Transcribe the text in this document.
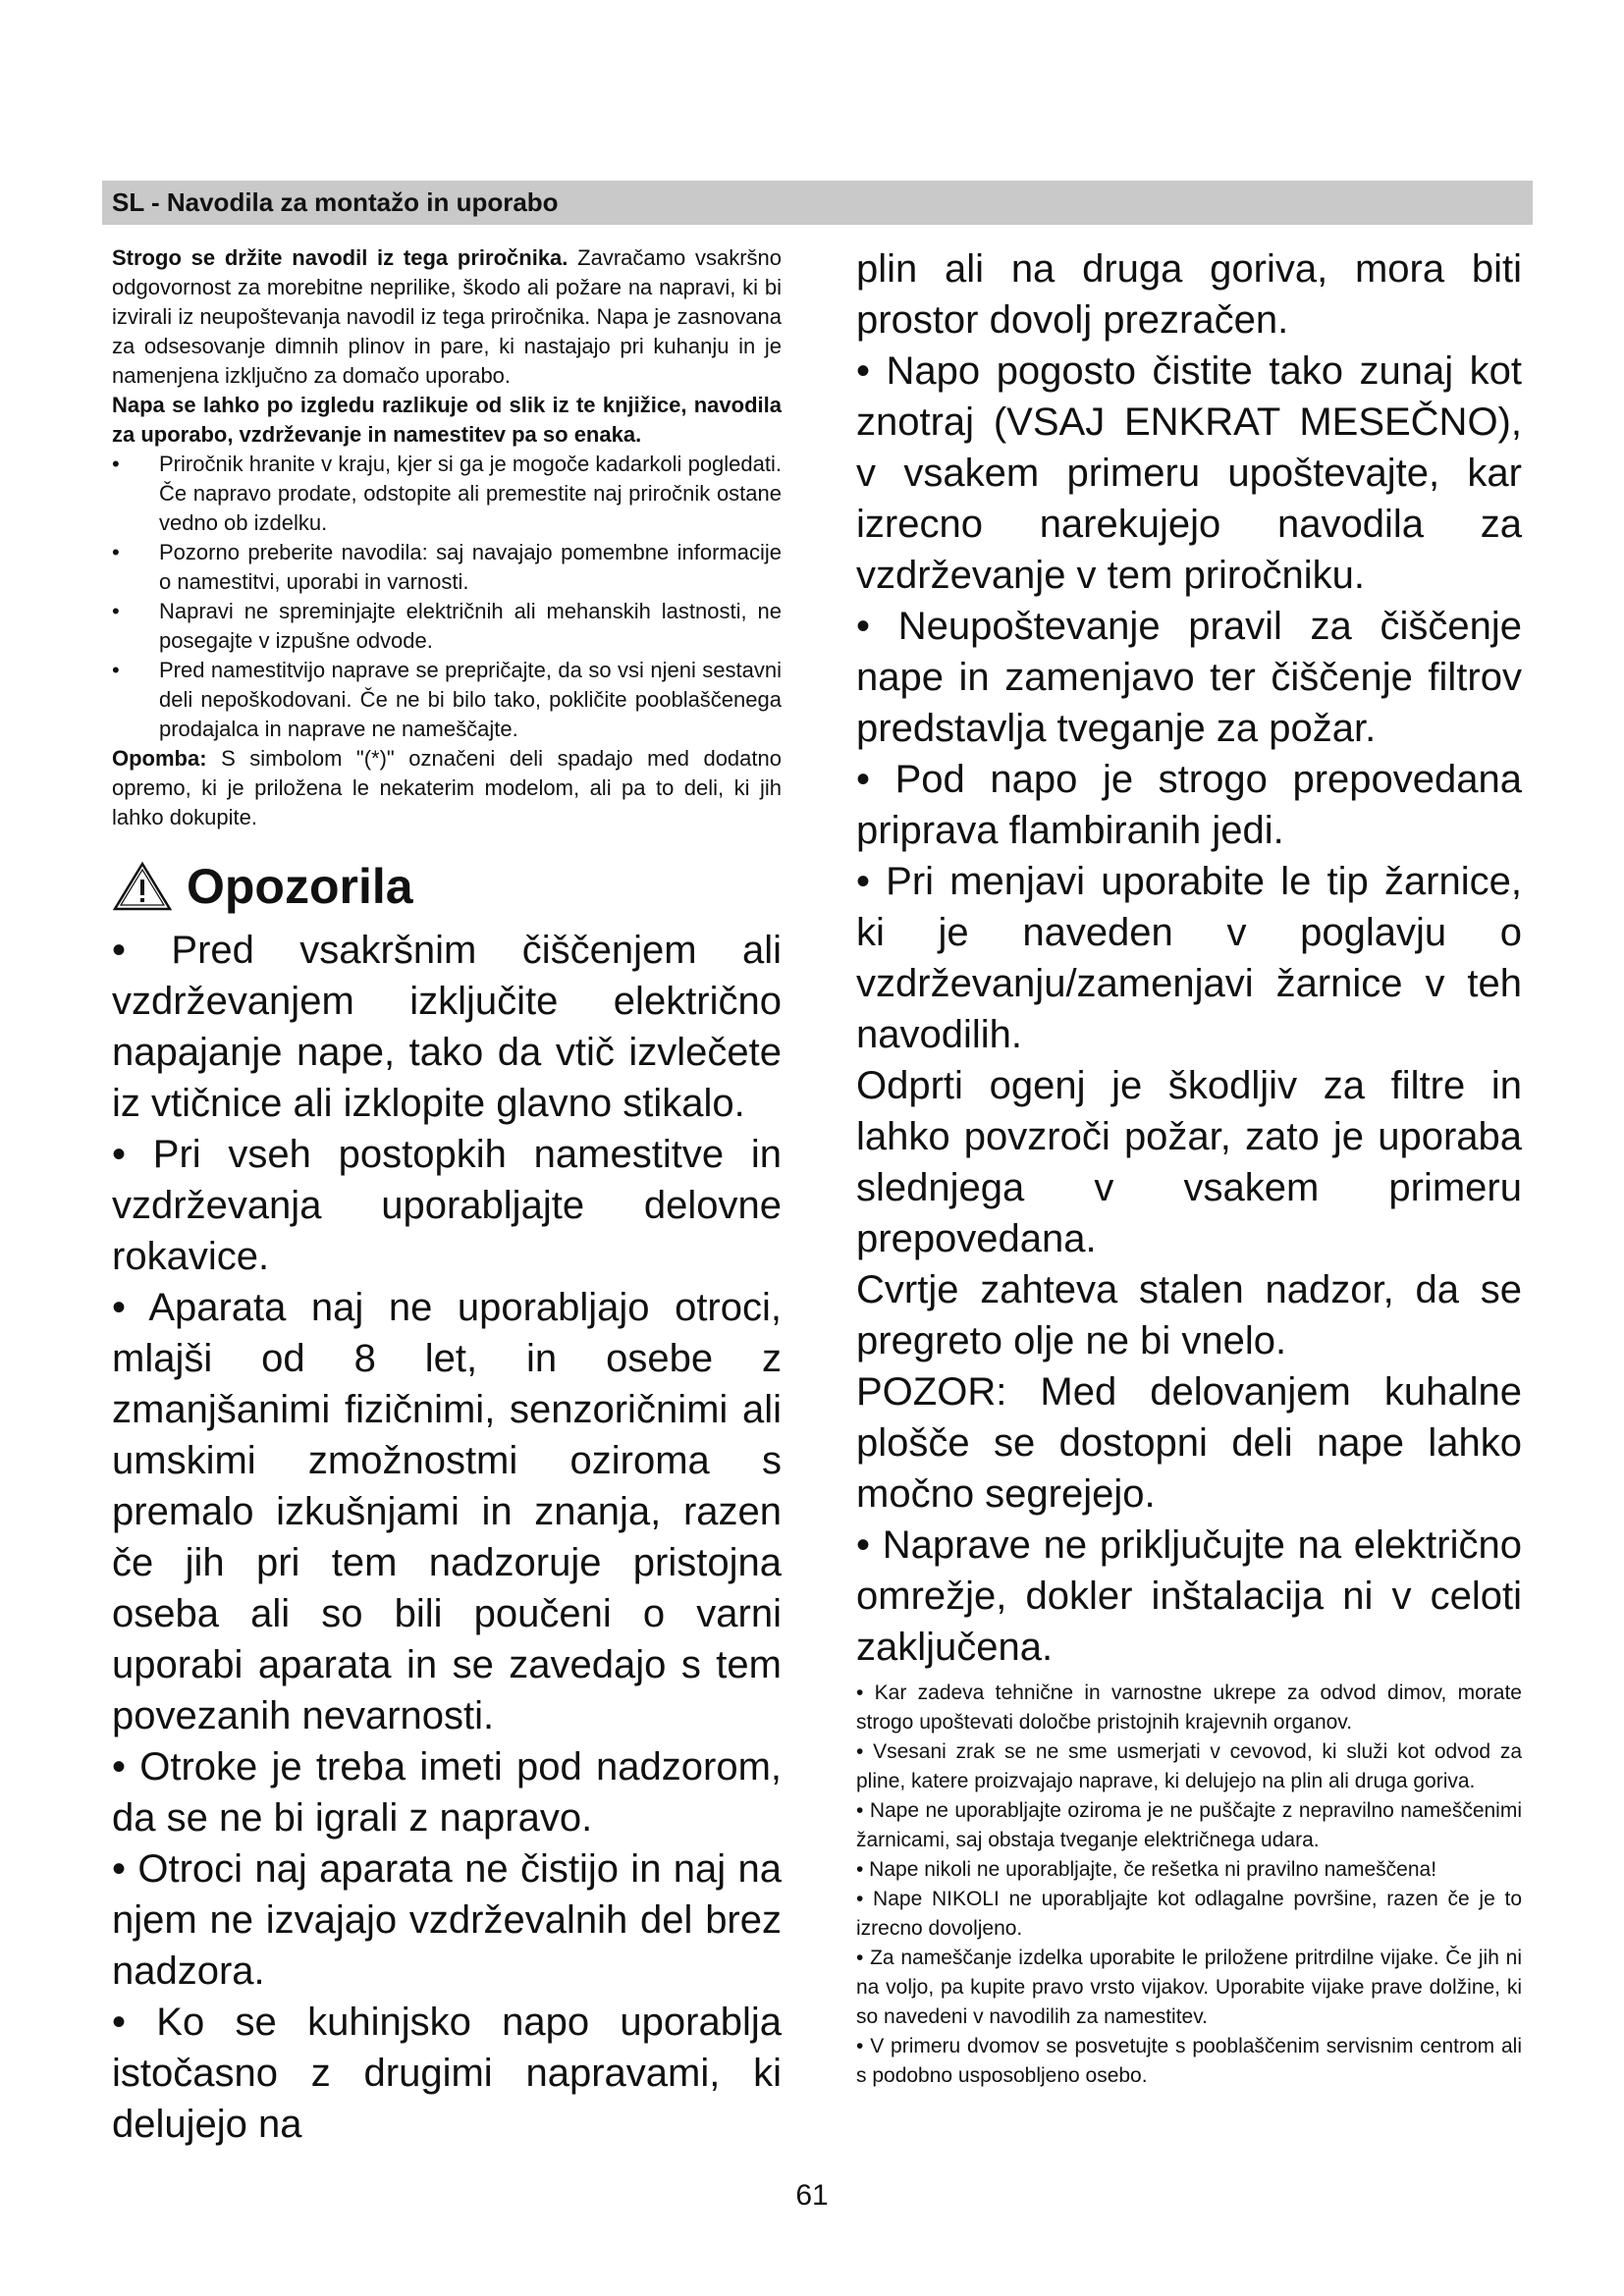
SL - Navodila za montažo in uporabo

Strogo se držite navodil iz tega priročnika. Zavračamo vsakršno odgovornost za morebitne neprilike, škodo ali požare na napravi, ki bi izvirali iz neupoštevanja navodil iz tega priročnika. Napa je zasnovana za odsesovanje dimnih plinov in pare, ki nastajajo pri kuhanju in je namenjena izključno za domačo uporabo.

Napa se lahko po izgledu razlikuje od slik iz te knjižice, navodila za uporabo, vzdrževanje in namestitev pa so enaka.

• Priročnik hranite v kraju, kjer si ga je mogoče kadarkoli pogledati. Če napravo prodate, odstopite ali premestite naj priročnik ostane vedno ob izdelku.
• Pozorno preberite navodila: saj navajajo pomembne informacije o namestitvi, uporabi in varnosti.
• Napravi ne spreminjajte električnih ali mehanskih lastnosti, ne posegajte v izpušne odvode.
• Pred namestitvijo naprave se prepričajte, da so vsi njeni sestavni deli nepoškodovani. Če ne bi bilo tako, pokličite pooblaščenega prodajalca in naprave ne nameščajte.

Opomba: S simbolom "(*)" označeni deli spadajo med dodatno opremo, ki je priložena le nekaterim modelom, ali pa to deli, ki jih lahko dokupite.

Opozorila

• Pred vsakršnim čiščenjem ali vzdrževanjem izključite električno napajanje nape, tako da vtič izvlečete iz vtičnice ali izklopite glavno stikalo.

• Pri vseh postopkih namestitve in vzdrževanja uporabljajte delovne rokavice.

• Aparata naj ne uporabljajo otroci, mlajši od 8 let, in osebe z zmanjšanimi fizičnimi, senzoričnimi ali umskimi zmožnostmi oziroma s premalo izkušnjami in znanja, razen če jih pri tem nadzoruje pristojna oseba ali so bili poučeni o varni uporabi aparata in se zavedajo s tem povezanih nevarnosti.

• Otroke je treba imeti pod nadzorom, da se ne bi igrali z napravo.

• Otroci naj aparata ne čistijo in naj na njem ne izvajajo vzdrževalnih del brez nadzora.

• Ko se kuhinjsko napo uporablja istočasno z drugimi napravami, ki delujejo na

plin ali na druga goriva, mora biti prostor dovolj prezračen.

• Napo pogosto čistite tako zunaj kot znotraj (VSAJ ENKRAT MESEČNO), v vsakem primeru upoštevajte, kar izrecno narekujejo navodila za vzdrževanje v tem priročniku.

• Neupoštevanje pravil za čiščenje nape in zamenjavo ter čiščenje filtrov predstavlja tveganje za požar.

• Pod napo je strogo prepovedana priprava flambiranih jedi.

• Pri menjavi uporabite le tip žarnice, ki je naveden v poglavju o vzdrževanju/zamenjavi žarnice v teh navodilih.

Odprti ogenj je škodljiv za filtre in lahko povzroči požar, zato je uporaba slednjega v vsakem primeru prepovedana.

Cvrtje zahteva stalen nadzor, da se pregreto olje ne bi vnelo.

POZOR: Med delovanjem kuhalne plošče se dostopni deli nape lahko močno segrejejo.

• Naprave ne priključujte na električno omrežje, dokler inštalacija ni v celoti zaključena.

• Kar zadeva tehnične in varnostne ukrepe za odvod dimov, morate strogo upoštevati določbe pristojnih krajevnih organov.

• Vsesani zrak se ne sme usmerjati v cevovod, ki služi kot odvod za pline, katere proizvajajo naprave, ki delujejo na plin ali druga goriva.

• Nape ne uporabljajte oziroma je ne puščajte z nepravilno nameščenimi žarnicami, saj obstaja tveganje električnega udara.

• Nape nikoli ne uporabljajte, če rešetka ni pravilno nameščena!

• Nape NIKOLI ne uporabljajte kot odlagalne površine, razen če je to izrecno dovoljeno.

• Za nameščanje izdelka uporabite le priložene pritrdilne vijake. Če jih ni na voljo, pa kupite pravo vrsto vijakov. Uporabite vijake prave dolžine, ki so navedeni v navodilih za namestitev.

• V primeru dvomov se posvetujte s pooblaščenim servisnim centrom ali s podobno usposobljeno osebo.

61
